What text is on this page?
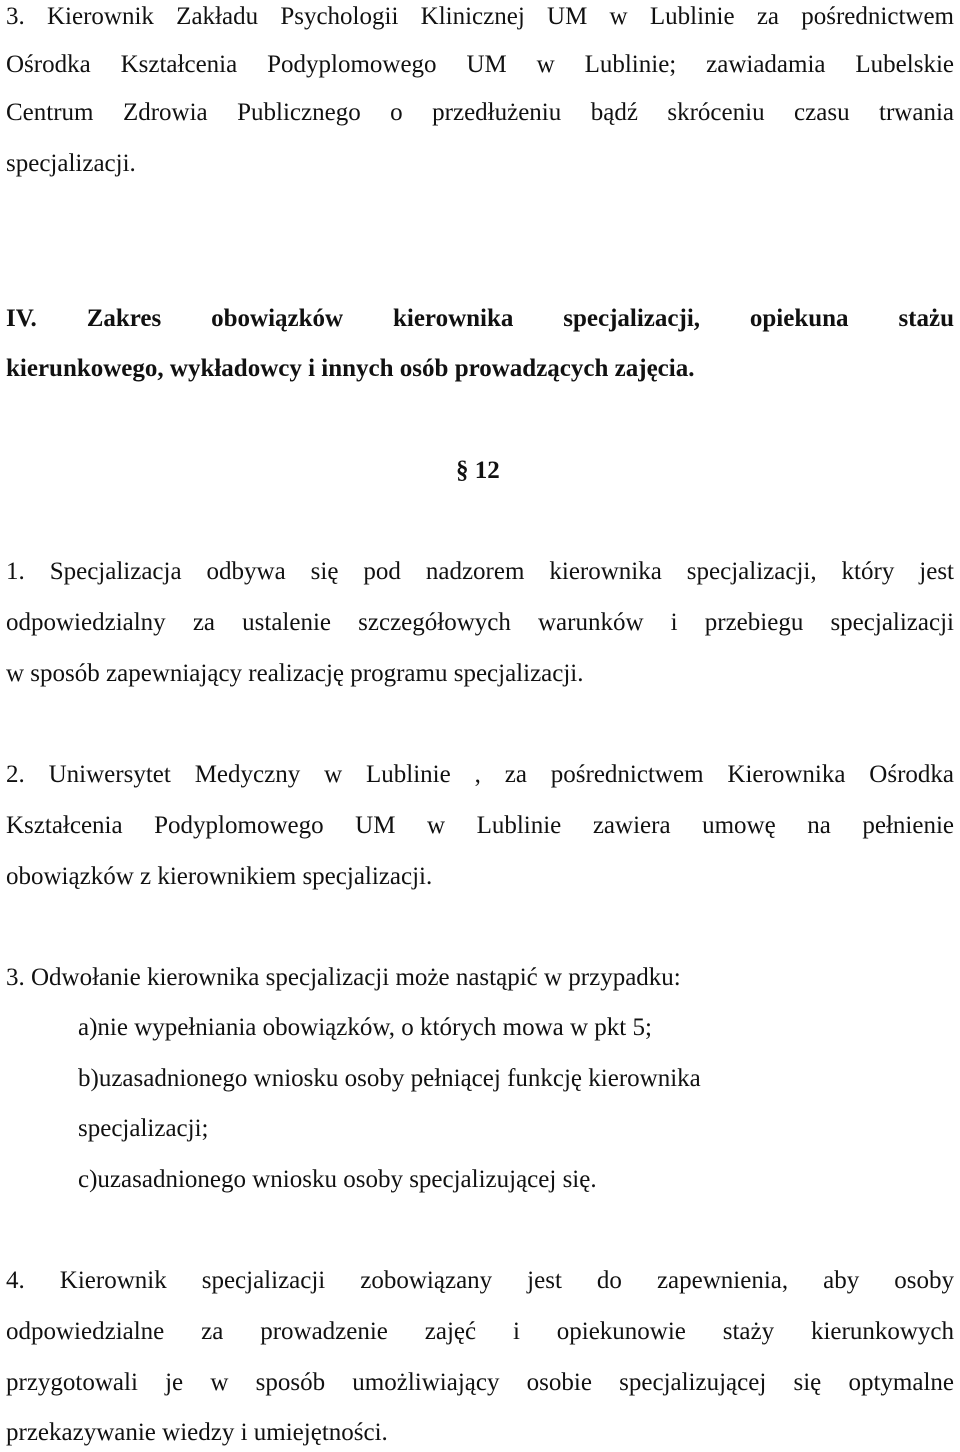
3. Kierownik Zakładu Psychologii Klinicznej UM w Lublinie za pośrednictwem
Ośrodka Kształcenia Podyplomowego UM w Lublinie; zawiadamia Lubelskie
Centrum Zdrowia Publicznego o przedłużeniu bądź skróceniu czasu trwania
specjalizacji.
IV. Zakres obowiązków kierownika specjalizacji, opiekuna stażu
kierunkowego, wykładowcy i innych osób prowadzących zajęcia.
§ 12
1. Specjalizacja odbywa się pod nadzorem kierownika specjalizacji, który jest
odpowiedzialny za ustalenie szczegółowych warunków i przebiegu specjalizacji
w sposób zapewniający realizację programu specjalizacji.
2. Uniwersytet Medyczny w Lublinie , za pośrednictwem Kierownika Ośrodka
Kształcenia Podyplomowego UM w Lublinie zawiera umowę na pełnienie
obowiązków z kierownikiem specjalizacji.
3. Odwołanie kierownika specjalizacji może nastąpić w przypadku:
a)nie wypełniania obowiązków, o których mowa w pkt 5;
b)uzasadnionego wniosku osoby pełniącej funkcję kierownika
specjalizacji;
c)uzasadnionego wniosku osoby specjalizującej się.
4. Kierownik specjalizacji zobowiązany jest do zapewnienia, aby osoby
odpowiedzialne za prowadzenie zajęć i opiekunowie staży kierunkowych
przygotowali je w sposób umożliwiający osobie specjalizującej się optymalne
przekazywanie wiedzy i umiejętności.
